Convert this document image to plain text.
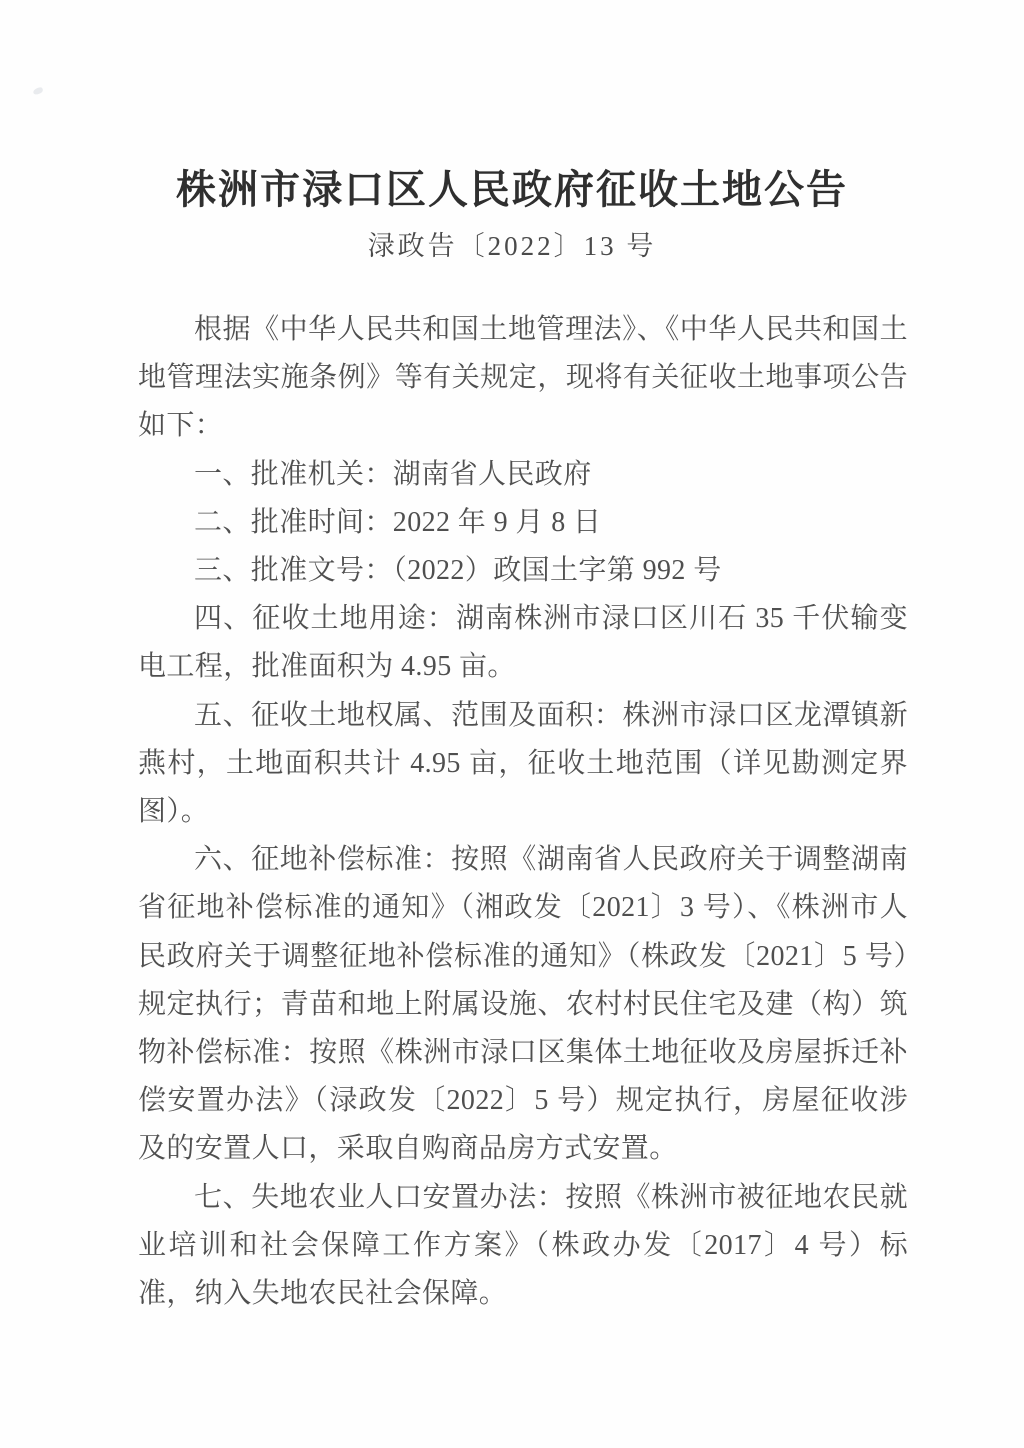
株洲市渌口区人民政府征收土地公告
渌政告〔2022〕13 号

根据《中华人民共和国土地管理法》、《中华人民共和国土地管理法实施条例》等有关规定，现将有关征收土地事项公告如下：

一、批准机关：湖南省人民政府

二、批准时间：2022 年 9 月 8 日

三、批准文号：（2022）政国土字第 992 号

四、征收土地用途：湖南株洲市渌口区川石 35 千伏输变电工程，批准面积为 4.95 亩。

五、征收土地权属、范围及面积：株洲市渌口区龙潭镇新燕村，土地面积共计 4.95 亩，征收土地范围（详见勘测定界图）。

六、征地补偿标准：按照《湖南省人民政府关于调整湖南省征地补偿标准的通知》（湘政发〔2021〕3 号）、《株洲市人民政府关于调整征地补偿标准的通知》（株政发〔2021〕5 号）规定执行；青苗和地上附属设施、农村村民住宅及建（构）筑物补偿标准：按照《株洲市渌口区集体土地征收及房屋拆迁补偿安置办法》（渌政发〔2022〕5 号）规定执行，房屋征收涉及的安置人口，采取自购商品房方式安置。

七、失地农业人口安置办法：按照《株洲市被征地农民就业培训和社会保障工作方案》（株政办发〔2017〕4 号）标准，纳入失地农民社会保障。
